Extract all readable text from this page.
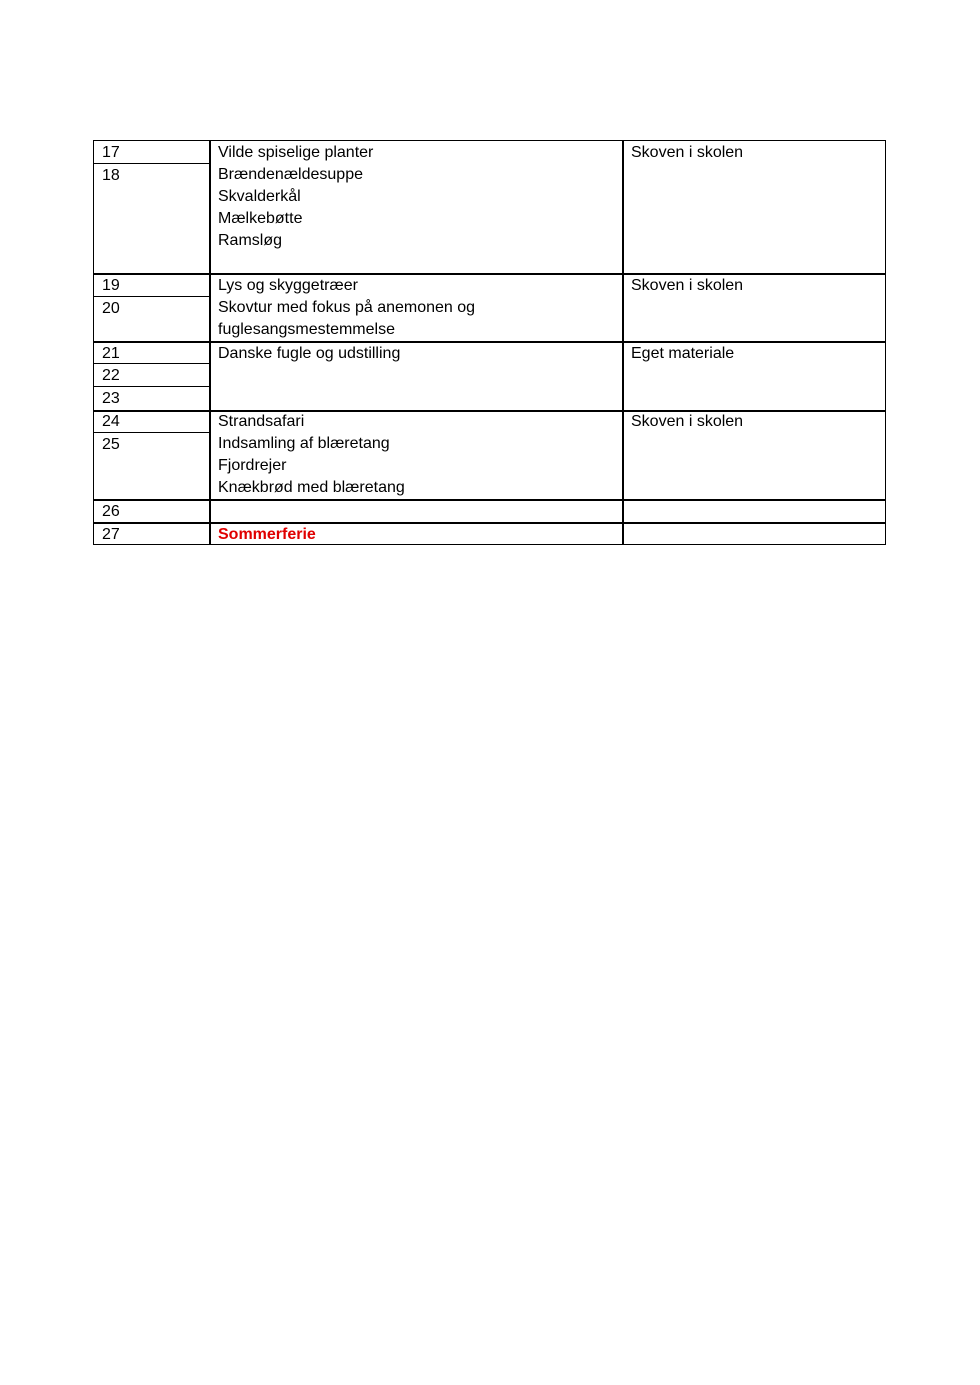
17
18
19
20
21
22
23
24
25
26
27
Vilde spiselige planter
Brændenældesuppe
Skvalderkål
Mælkebøtte
Ramsløg
Skoven i skolen
Lys og skyggetræer
Skovtur med fokus på anemonen og
fuglesangsmestemmelse
Skoven i skolen
Danske fugle og udstilling	Eget materiale
Strandsafari
Indsamling af blæretang
Fjordrejer
Knækbrød med blæretang
Skoven i skolen
Sommerferie
